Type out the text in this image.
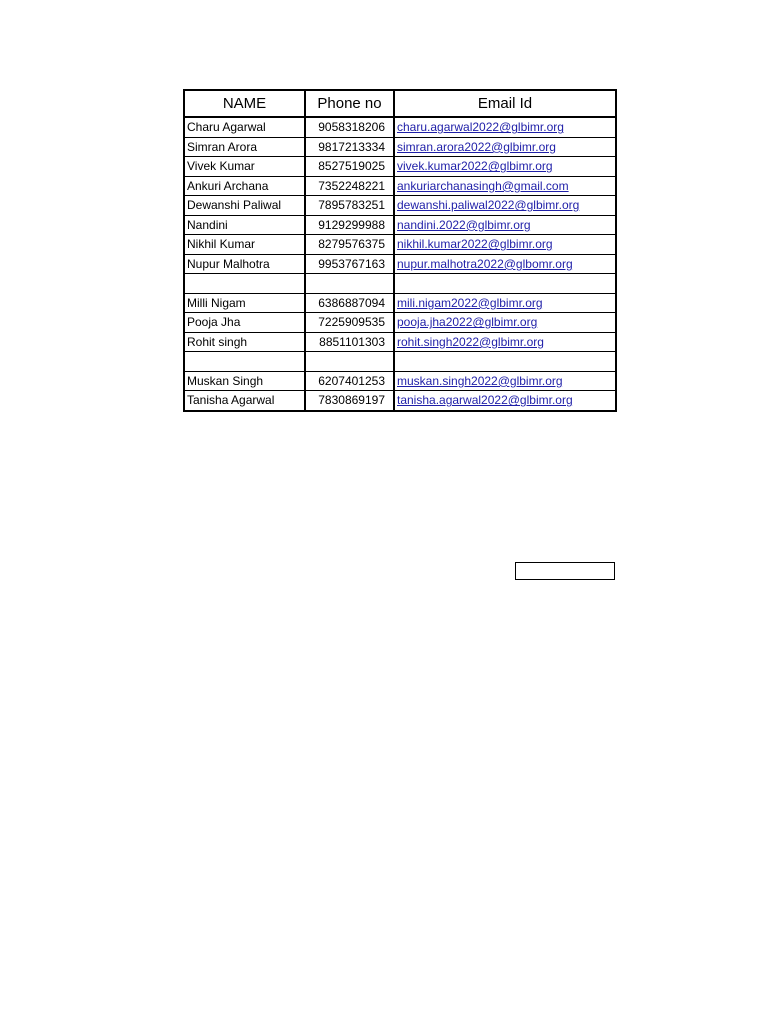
NAME	Phone no	Email Id
Charu Agarwal	9058318206	charu.agarwal2022@glbimr.org
Simran Arora	9817213334	simran.arora2022@glbimr.org
Vivek Kumar	8527519025	vivek.kumar2022@glbimr.org
Ankuri Archana	7352248221	ankuriarchanasingh@gmail.com
Dewanshi Paliwal	7895783251	dewanshi.paliwal2022@glbimr.org
Nandini	9129299988	nandini.2022@glbimr.org
Nikhil Kumar	8279576375	nikhil.kumar2022@glbimr.org
Nupur Malhotra	9953767163	nupur.malhotra2022@glbomr.org

Milli Nigam	6386887094	mili.nigam2022@glbimr.org
Pooja Jha	7225909535	pooja.jha2022@glbimr.org
Rohit singh	8851101303	rohit.singh2022@glbimr.org

Muskan Singh	6207401253	muskan.singh2022@glbimr.org
Tanisha Agarwal	7830869197	tanisha.agarwal2022@glbimr.org
